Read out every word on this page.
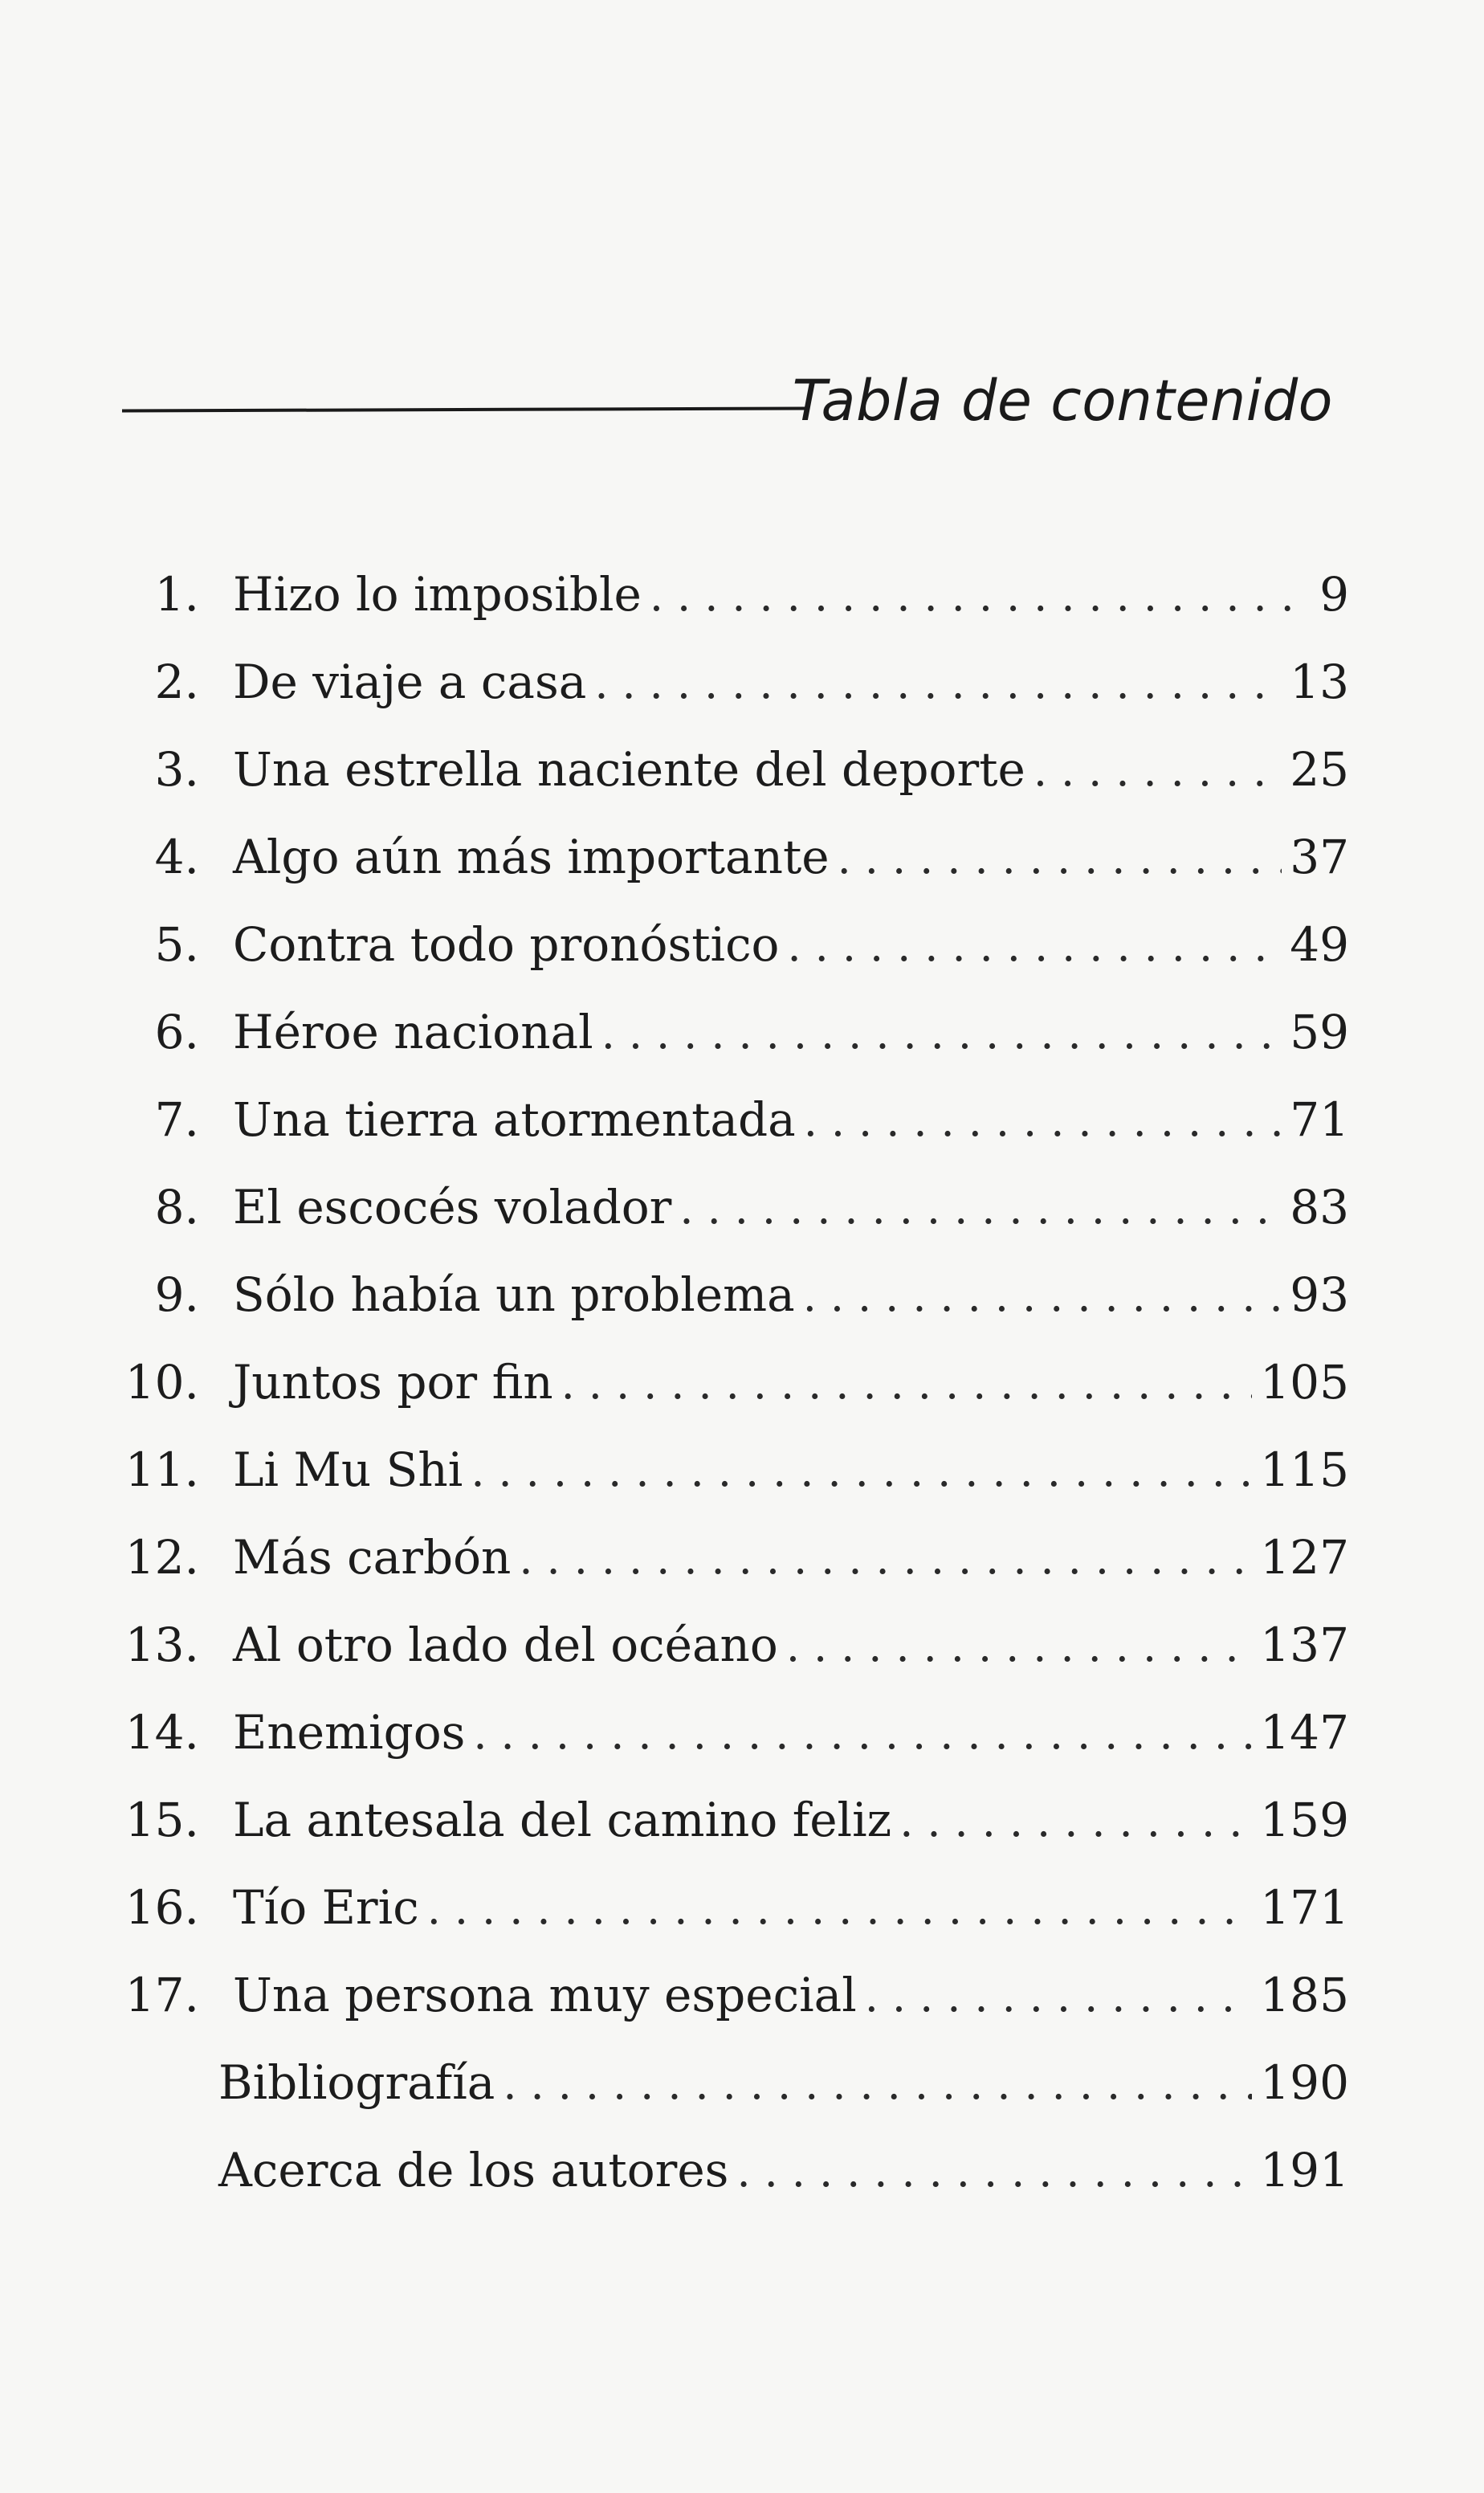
Tabla de contenido
1. Hizo lo imposible .....	9
2. De viaje a casa .....	13
3. Una estrella naciente del deporte .....	25
4. Algo aún más importante .....	37
5. Contra todo pronóstico .....	49
6. Héroe nacional .....	59
7. Una tierra atormentada .....	71
8. El escocés volador .....	83
9. Sólo había un problema .....	93
10. Juntos por fin .....	105
11. Li Mu Shi .....	115
12. Más carbón .....	127
13. Al otro lado del océano .....	137
14. Enemigos .....	147
15. La antesala del camino feliz .....	159
16. Tío Eric .....	171
17. Una persona muy especial .....	185
Bibliografía .....	190
Acerca de los autores .....	191
